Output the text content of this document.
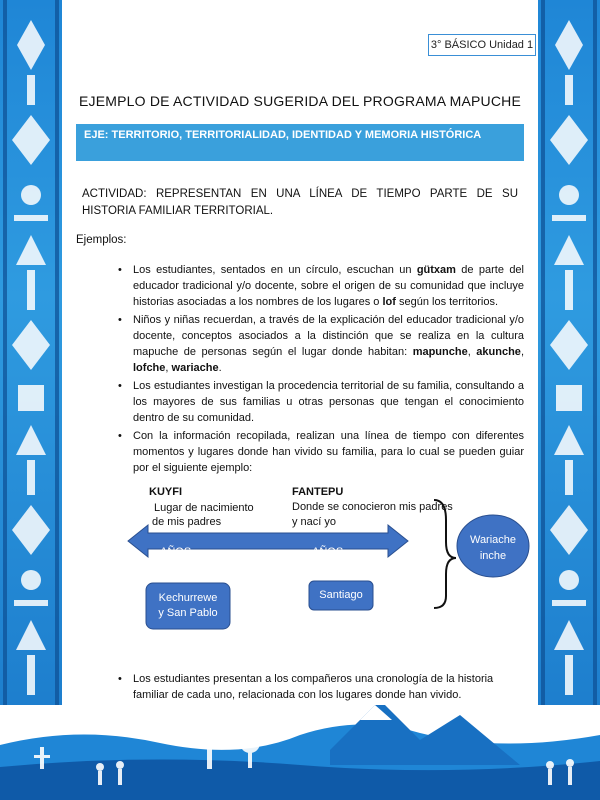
3° BÁSICO Unidad 1
EJEMPLO DE ACTIVIDAD SUGERIDA DEL PROGRAMA MAPUCHE
EJE: TERRITORIO, TERRITORIALIDAD, IDENTIDAD Y MEMORIA HISTÓRICA
ACTIVIDAD: REPRESENTAN EN UNA LÍNEA DE TIEMPO PARTE DE SU HISTORIA FAMILIAR TERRITORIAL.
Ejemplos:
• Los estudiantes, sentados en un círculo, escuchan un gütxam de parte del educador tradicional y/o docente, sobre el origen de su comunidad que incluye historias asociadas a los nombres de los lugares o lof según los territorios.
• Niños y niñas recuerdan, a través de la explicación del educador tradicional y/o docente, conceptos asociados a la distinción que se realiza en la cultura mapuche de personas según el lugar donde habitan: mapunche, akunche, lofche, wariache.
• Los estudiantes investigan la procedencia territorial de su familia, consultando a los mayores de sus familias u otras personas que tengan el conocimiento dentro de su comunidad.
• Con la información recopilada, realizan una línea de tiempo con diferentes momentos y lugares donde han vivido su familia, para lo cual se pueden guiar por el siguiente ejemplo:
KUYFI
Lugar de nacimiento
de mis padres
FANTEPU
Donde se conocieron mis padres
y nací yo
AÑOS	AÑOS
Kechurrewe
y San Pablo
Santiago
Wariache
inche
•	Los estudiantes presentan a los compañeros una cronología de la historia familiar de cada uno, relacionada con los lugares donde han vivido.
